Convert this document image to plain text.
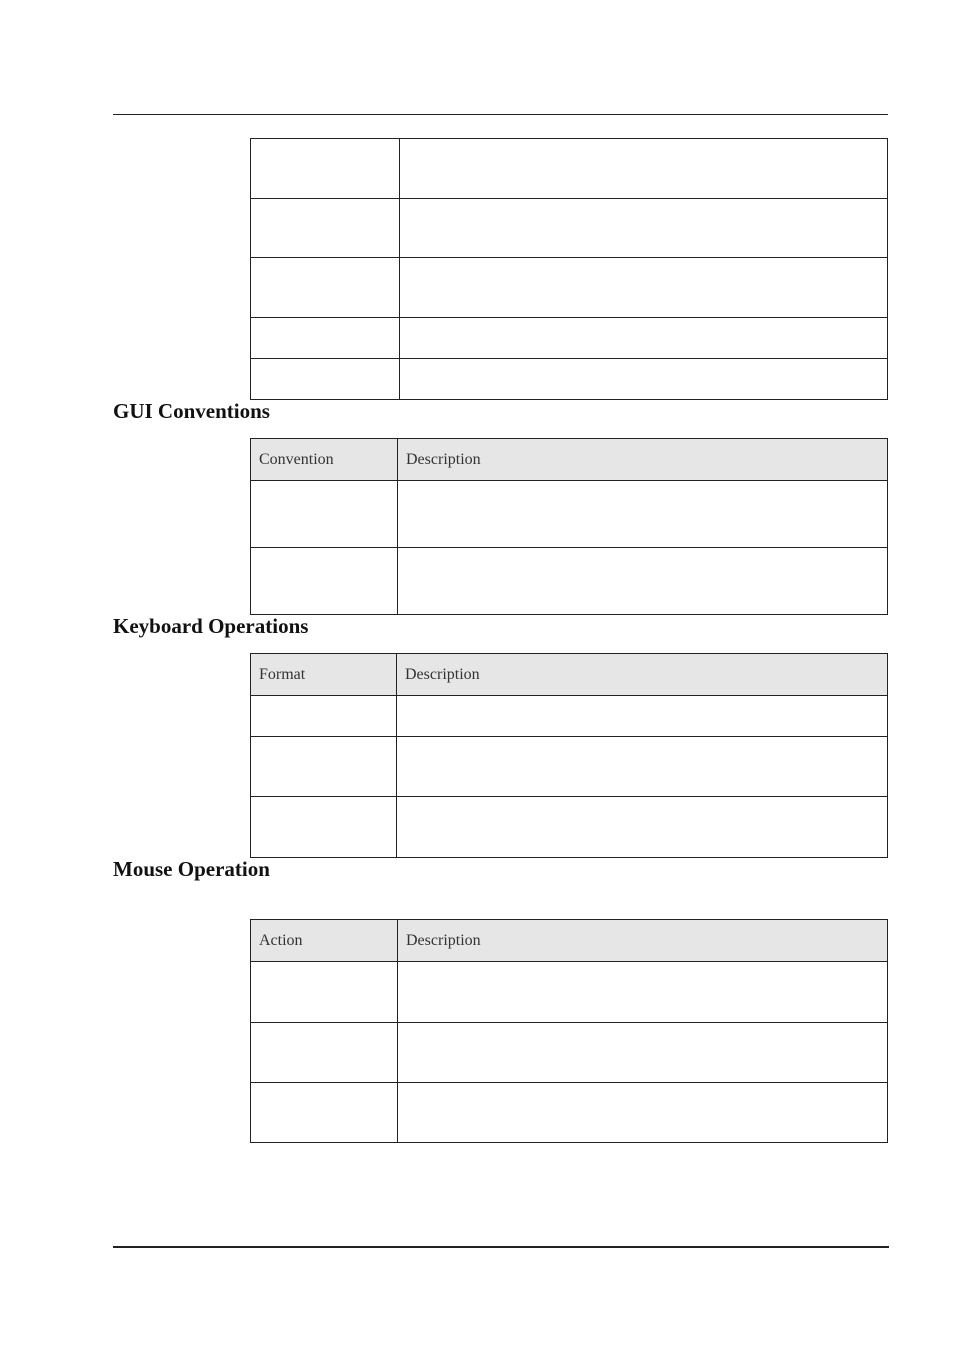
GUI Conventions
Convention	Description

Keyboard Operations
Format	Description

Mouse Operation
Action	Description
